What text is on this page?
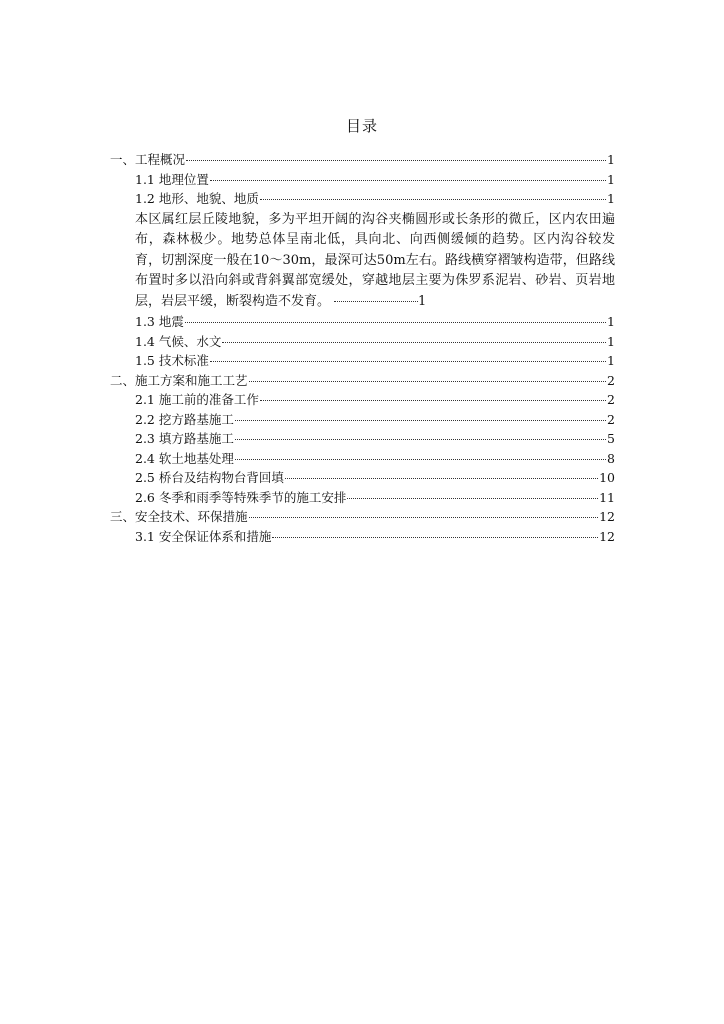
目录
一、工程概况	1
1.1 地理位置	1
1.2 地形、地貌、地质	1
本区属红层丘陵地貌，多为平坦开阔的沟谷夹椭圆形或长条形的微丘，区内农田遍布，森林极少。地势总体呈南北低，具向北、向西侧缓倾的趋势。区内沟谷较发育，切割深度一般在10～30m，最深可达50m左右。路线横穿褶皱构造带，但路线布置时多以沿向斜或背斜翼部宽缓处，穿越地层主要为侏罗系泥岩、砂岩、页岩地层，岩层平缓，断裂构造不发育。	1
1.3 地震	1
1.4 气候、水文	1
1.5 技术标准	1
二、施工方案和施工工艺	2
2.1 施工前的准备工作	2
2.2 挖方路基施工	2
2.3 填方路基施工	5
2.4 软土地基处理	8
2.5 桥台及结构物台背回填	10
2.6 冬季和雨季等特殊季节的施工安排	11
三、安全技术、环保措施	12
3.1 安全保证体系和措施	12
